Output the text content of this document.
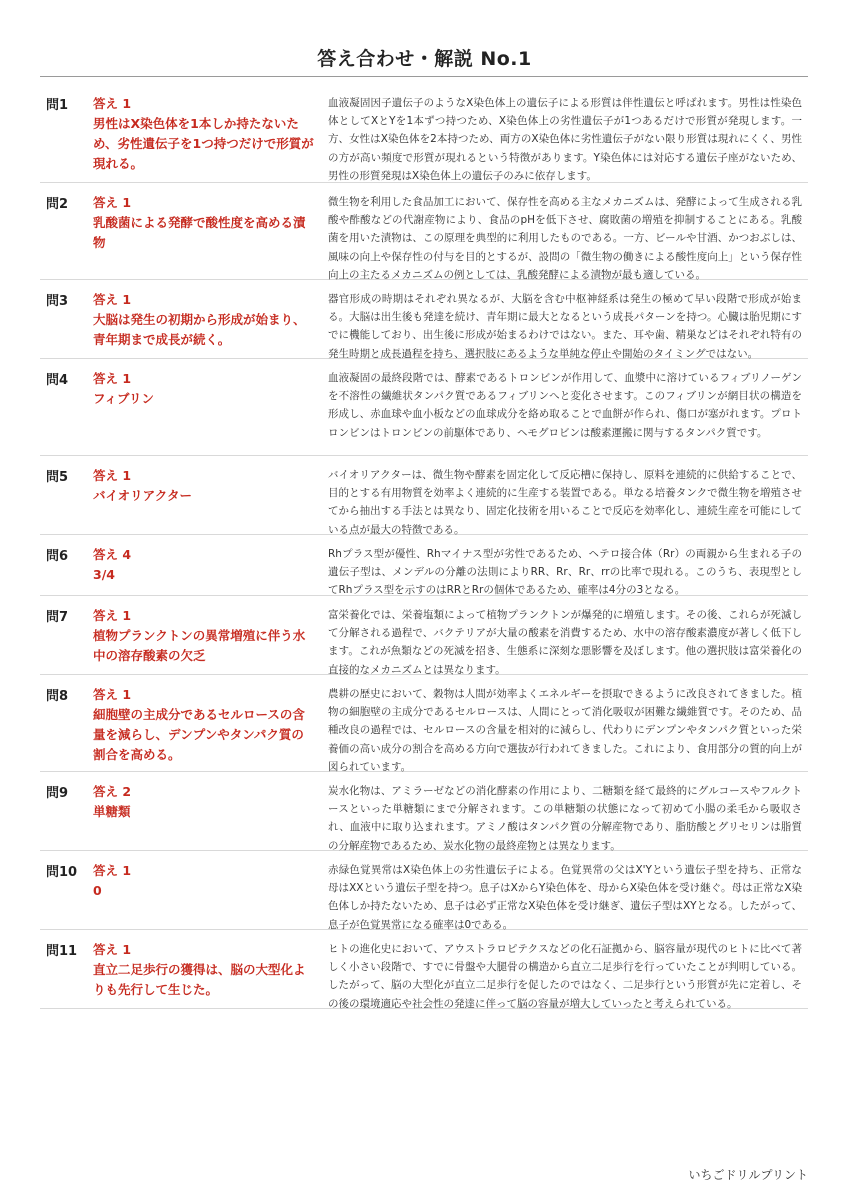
答え合わせ・解説 No.1
問1 答え 1
男性はX染色体を1本しか持たないため、劣性遺伝子を1つ持つだけで形質が現れる。
血液凝固因子遺伝子のようなX染色体上の遺伝子による形質は伴性遺伝と呼ばれます。男性は性染色体としてXとYを1本ずつ持つため、X染色体上の劣性遺伝子が1つあるだけで形質が発現します。一方、女性はX染色体を2本持つため、両方のX染色体に劣性遺伝子がない限り形質は現れにくく、男性の方が高い頻度で形質が現れるという特徴があります。Y染色体には対応する遺伝子座がないため、男性の形質発現はX染色体上の遺伝子のみに依存します。
問2 答え 1
乳酸菌による発酵で酸性度を高める漬物
微生物を利用した食品加工において、保存性を高める主なメカニズムは、発酵によって生成される乳酸や酢酸などの代謝産物により、食品のpHを低下させ、腐敗菌の増殖を抑制することにある。乳酸菌を用いた漬物は、この原理を典型的に利用したものである。一方、ビールや甘酒、かつおぶしは、風味の向上や保存性の付与を目的とするが、設問の「微生物の働きによる酸性度向上」という保存性向上の主たるメカニズムの例としては、乳酸発酵による漬物が最も適している。
問3 答え 1
大脳は発生の初期から形成が始まり、青年期まで成長が続く。
器官形成の時期はそれぞれ異なるが、大脳を含む中枢神経系は発生の極めて早い段階で形成が始まる。大脳は出生後も発達を続け、青年期に最大となるという成長パターンを持つ。心臓は胎児期にすでに機能しており、出生後に形成が始まるわけではない。また、耳や歯、精巣などはそれぞれ特有の発生時期と成長過程を持ち、選択肢にあるような単純な停止や開始のタイミングではない。
問4 答え 1
フィブリン
血液凝固の最終段階では、酵素であるトロンビンが作用して、血漿中に溶けているフィブリノーゲンを不溶性の繊維状タンパク質であるフィブリンへと変化させます。このフィブリンが網目状の構造を形成し、赤血球や血小板などの血球成分を絡め取ることで血餅が作られ、傷口が塞がれます。プロトロンビンはトロンビンの前駆体であり、ヘモグロビンは酸素運搬に関与するタンパク質です。
問5 答え 1
バイオリアクター
バイオリアクターは、微生物や酵素を固定化して反応槽に保持し、原料を連続的に供給することで、目的とする有用物質を効率よく連続的に生産する装置である。単なる培養タンクで微生物を増殖させてから抽出する手法とは異なり、固定化技術を用いることで反応を効率化し、連続生産を可能にしている点が最大の特徴である。
問6 答え 4
3/4
Rhプラス型が優性、Rhマイナス型が劣性であるため、ヘテロ接合体（Rr）の両親から生まれる子の遺伝子型は、メンデルの分離の法則によりRR、Rr、Rr、rrの比率で現れる。このうち、表現型としてRhプラス型を示すのはRRとRrの個体であるため、確率は4分の3となる。
問7 答え 1
植物プランクトンの異常増殖に伴う水中の溶存酸素の欠乏
富栄養化では、栄養塩類によって植物プランクトンが爆発的に増殖します。その後、これらが死滅して分解される過程で、バクテリアが大量の酸素を消費するため、水中の溶存酸素濃度が著しく低下します。これが魚類などの死滅を招き、生態系に深刻な悪影響を及ぼします。他の選択肢は富栄養化の直接的なメカニズムとは異なります。
問8 答え 1
細胞壁の主成分であるセルロースの含量を減らし、デンプンやタンパク質の割合を高める。
農耕の歴史において、穀物は人間が効率よくエネルギーを摂取できるように改良されてきました。植物の細胞壁の主成分であるセルロースは、人間にとって消化吸収が困難な繊維質です。そのため、品種改良の過程では、セルロースの含量を相対的に減らし、代わりにデンプンやタンパク質といった栄養価の高い成分の割合を高める方向で選抜が行われてきました。これにより、食用部分の質的向上が図られています。
問9 答え 2
単糖類
炭水化物は、アミラーゼなどの消化酵素の作用により、二糖類を経て最終的にグルコースやフルクトースといった単糖類にまで分解されます。この単糖類の状態になって初めて小腸の柔毛から吸収され、血液中に取り込まれます。アミノ酸はタンパク質の分解産物であり、脂肪酸とグリセリンは脂質の分解産物であるため、炭水化物の最終産物とは異なります。
問10 答え 1
0
赤緑色覚異常はX染色体上の劣性遺伝子による。色覚異常の父はX'Yという遺伝子型を持ち、正常な母はXXという遺伝子型を持つ。息子はXからY染色体を、母からX染色体を受け継ぐ。母は正常なX染色体しか持たないため、息子は必ず正常なX染色体を受け継ぎ、遺伝子型はXYとなる。したがって、息子が色覚異常になる確率は0である。
問11 答え 1
直立二足歩行の獲得は、脳の大型化よりも先行して生じた。
ヒトの進化史において、アウストラロピテクスなどの化石証拠から、脳容量が現代のヒトに比べて著しく小さい段階で、すでに骨盤や大腿骨の構造から直立二足歩行を行っていたことが判明している。したがって、脳の大型化が直立二足歩行を促したのではなく、二足歩行という形質が先に定着し、その後の環境適応や社会性の発達に伴って脳の容量が増大していったと考えられている。
いちごドリルプリント
